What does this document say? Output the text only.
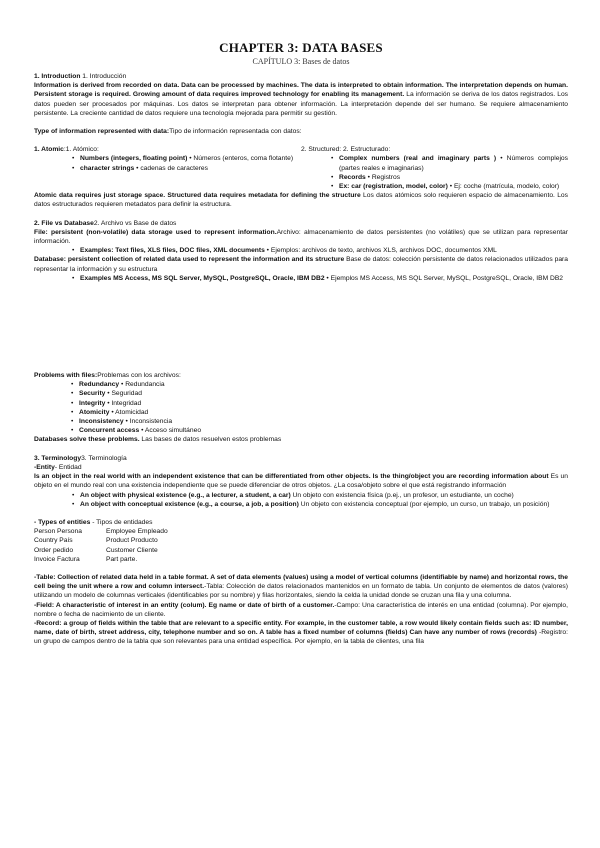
CHAPTER 3: DATA BASES
CAPÍTULO 3: Bases de datos

1. Introduction 1. Introducción

Information is derived from recorded on data. Data can be processed by machines. The data is interpreted to obtain information. The interpretation depends on human. Persistent storage is required. Growing amount of data requires improved technology for enabling its management. La información se deriva de los datos registrados. Los datos pueden ser procesados por máquinas. Los datos se interpretan para obtener información. La interpretación depende del ser humano. Se requiere almacenamiento persistente. La creciente cantidad de datos requiere una tecnología mejorada para permitir su gestión.

Type of information represented with data:Tipo de información representada con datos:

1. Atomic:1. Atómico:

• Numbers (integers, floating point) • Números (enteros, coma flotante)

• character strings • cadenas de caracteres

2. Structured: 2. Estructurado:

• Complex numbers (real and imaginary parts ) • Números complejos (partes reales e imaginarias)

• Records • Registros

• Ex: car (registration, model, color) • Ej: coche (matrícula, modelo, color)

Atomic data requires just storage space. Structured data requires metadata for defining the structure Los datos atómicos solo requieren espacio de almacenamiento. Los datos estructurados requieren metadatos para definir la estructura.

2. File vs Database2. Archivo vs Base de datos

File: persistent (non-volatile) data storage used to represent information.Archivo: almacenamiento de datos persistentes (no volátiles) que se utilizan para representar información.

• Examples: Text files, XLS files, DOC files, XML documents • Ejemplos: archivos de texto, archivos XLS, archivos DOC, documentos XML

Database: persistent collection of related data used to represent the information and its structure Base de datos: colección persistente de datos relacionados utilizados para representar la información y su estructura

• Examples MS Access, MS SQL Server, MySQL, PostgreSQL, Oracle, IBM DB2 • Ejemplos MS Access, MS SQL Server, MySQL, PostgreSQL, Oracle, IBM DB2

Problems with files:Problemas con los archivos:

• Redundancy • Redundancia

• Security • Seguridad

• Integrity • Integridad

• Atomicity • Atomicidad

• Inconsistency • Inconsistencia

• Concurrent access • Acceso simultáneo

Databases solve these problems. Las bases de datos resuelven estos problemas

3. Terminology3. Terminología

-Entity- Entidad

Is an object in the real world with an independent existence that can be differentiated from other objects. Is the thing/object you are recording information about Es un objeto en el mundo real con una existencia independiente que se puede diferenciar de otros objetos. ¿La cosa/objeto sobre el que está registrando información

• An object with physical existence (e.g., a lecturer, a student, a car) Un objeto con existencia física (p.ej., un profesor, un estudiante, un coche)

• An object with conceptual existence (e.g., a course, a job, a position) Un objeto con existencia conceptual (por ejemplo, un curso, un trabajo, un posición)

- Types of entities - Tipos de entidades

Person Persona	Employee Empleado
Country País	Product Producto
Order pedido	Customer Cliente
Invoice Factura	Part parte.

-Table: Collection of related data held in a table format. A set of data elements (values) using a model of vertical columns (identifiable by name) and horizontal rows, the cell being the unit where a row and column intersect.-Tabla: Colección de datos relacionados mantenidos en un formato de tabla. Un conjunto de elementos de datos (valores) utilizando un modelo de columnas verticales (identificables por su nombre) y filas horizontales, siendo la celda la unidad donde se cruzan una fila y una columna.

-Field: A characteristic of interest in an entity (colum). Eg name or date of birth of a customer.-Campo: Una característica de interés en una entidad (columna). Por ejemplo, nombre o fecha de nacimiento de un cliente.

-Record: a group of fields within the table that are relevant to a specific entity. For example, in the customer table, a row would likely contain fields such as: ID number, name, date of birth, street address, city, telephone number and so on. A table has a fixed number of columns (fields) Can have any number of rows (records) -Registro: un grupo de campos dentro de la tabla que son relevantes para una entidad específica. Por ejemplo, en la tabla de clientes, una fila
